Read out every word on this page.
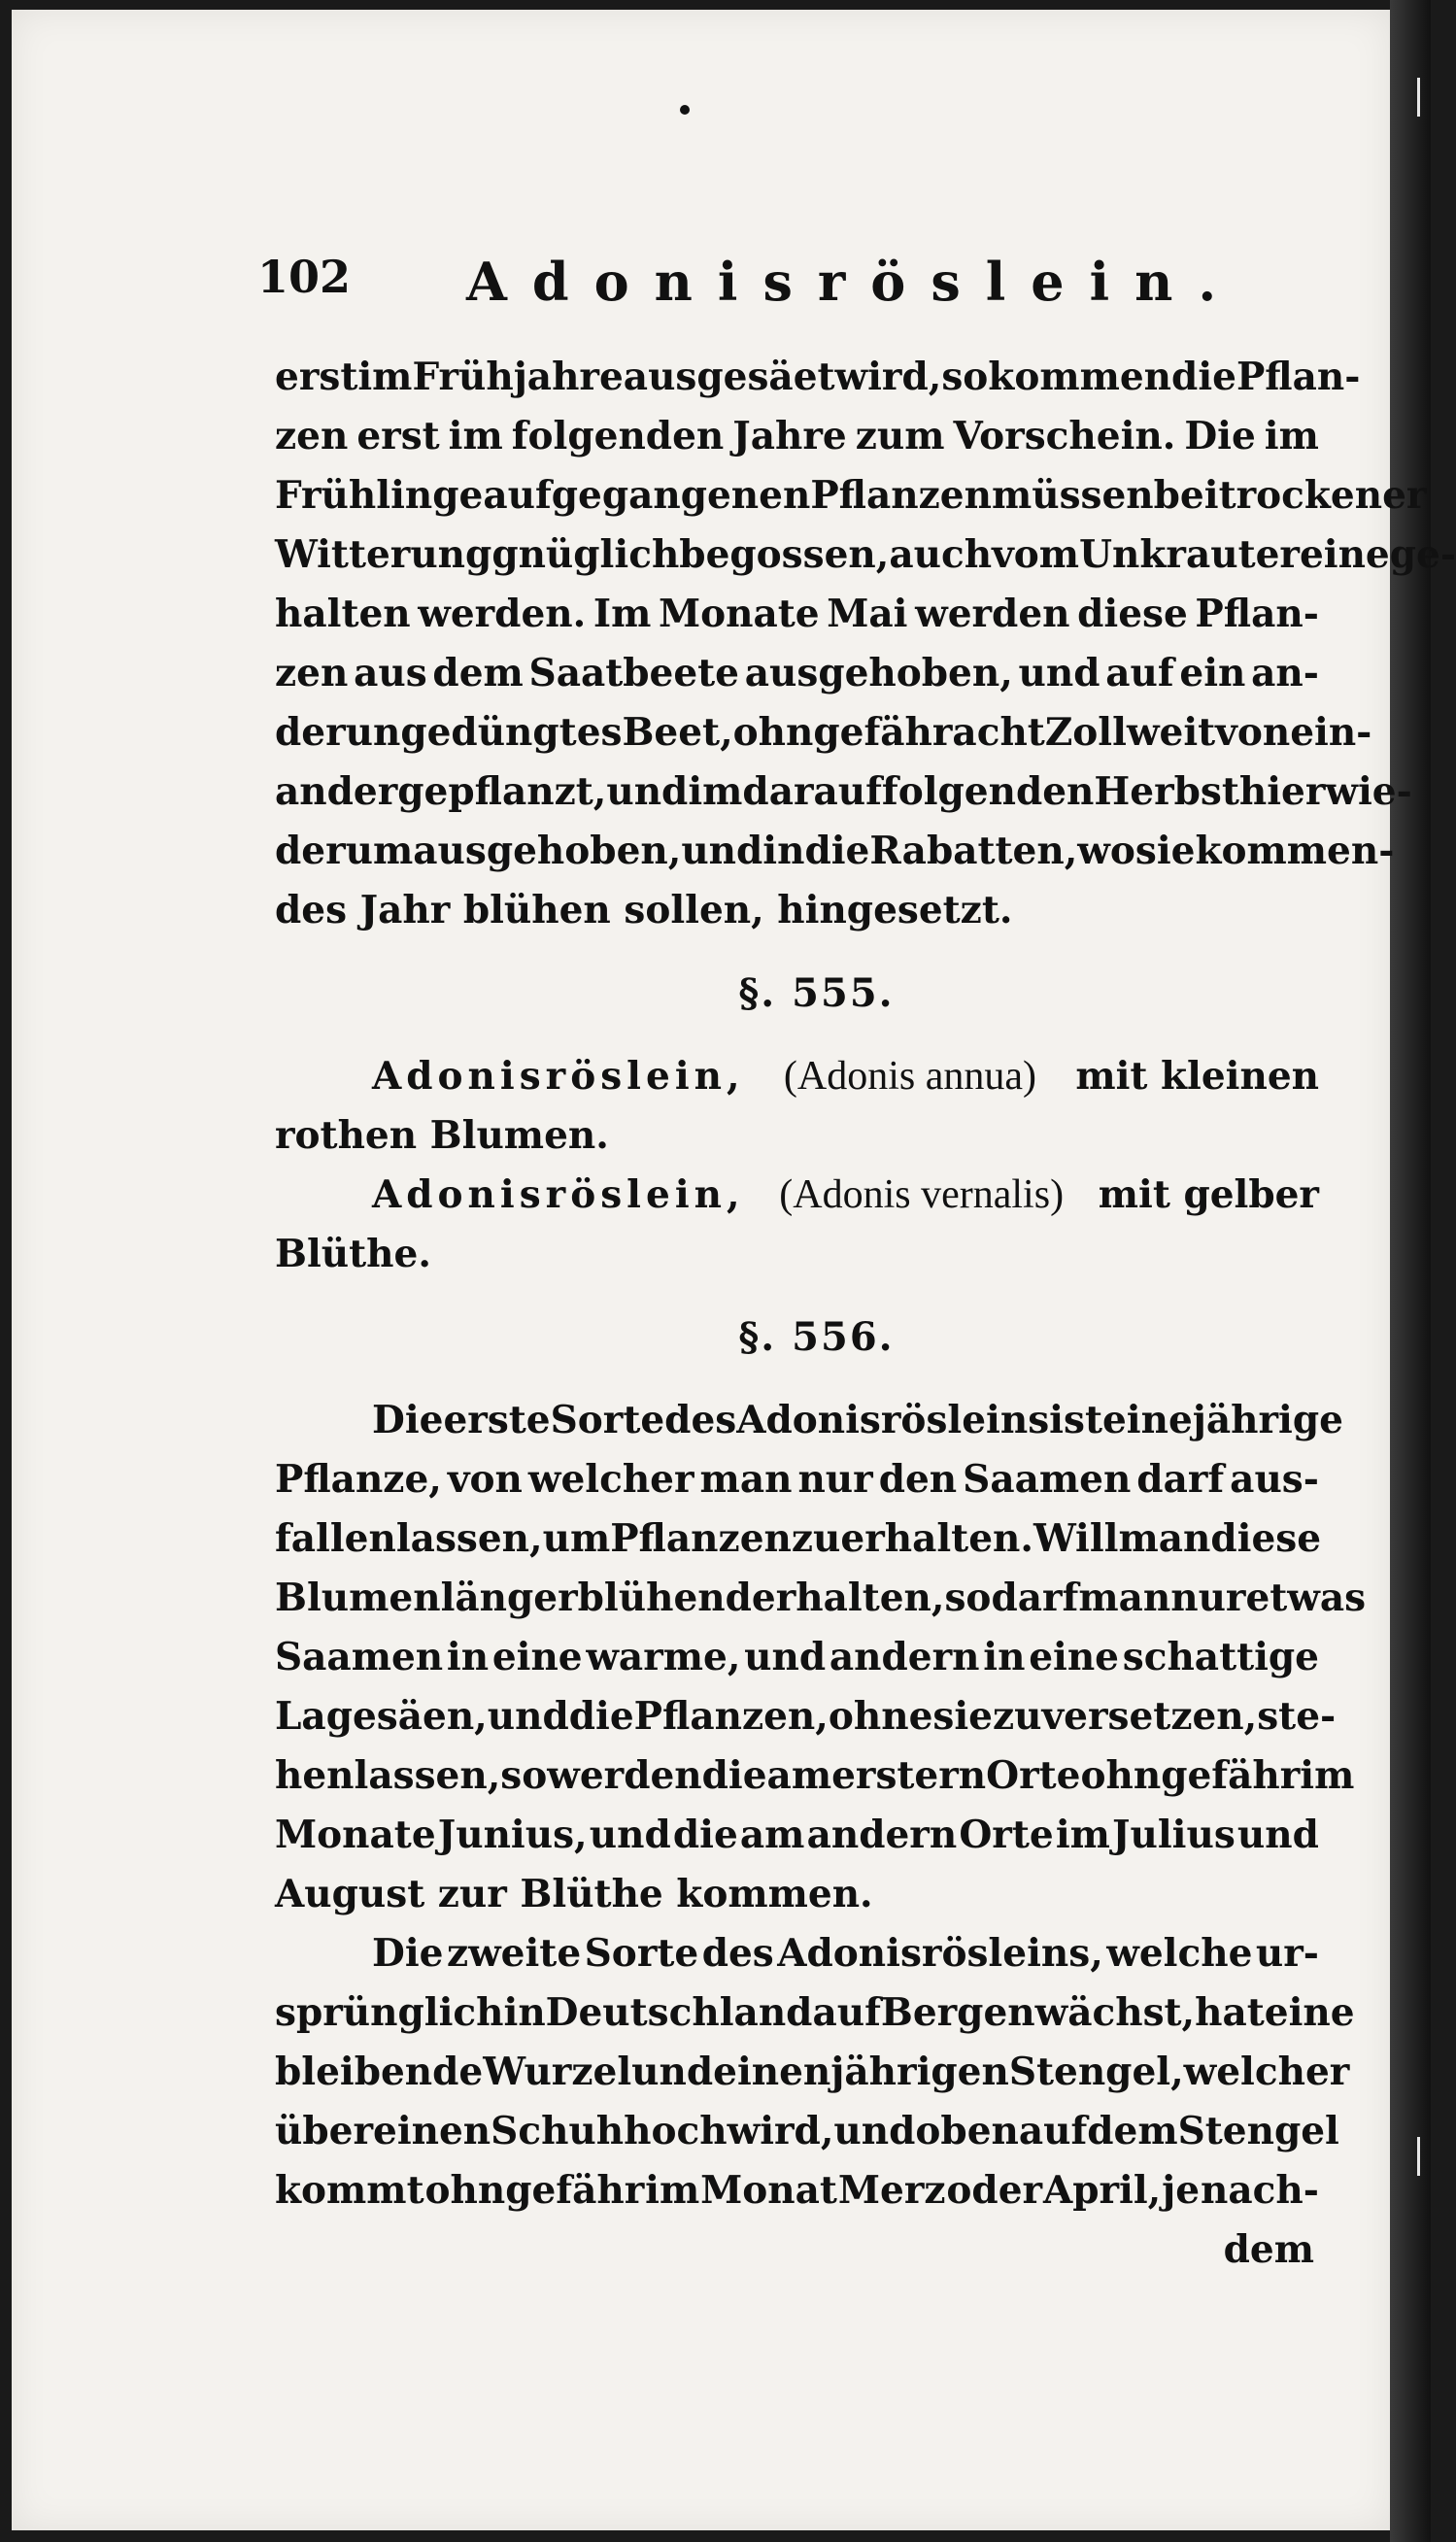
102 Adonisröslein.
erst im Frühjahre ausgesäet wird, so kommen die Pflan-
zen erst im folgenden Jahre zum Vorschein. Die im
Frühlinge aufgegangenen Pflanzen müssen bei trockener
Witterung gnüglich begossen, auch vom Unkraute reine ge-
halten werden. Im Monate Mai werden diese Pflan-
zen aus dem Saatbeete ausgehoben, und auf ein an-
der ungedüngtes Beet, ohngefähr acht Zoll weit von ein-
ander gepflanzt, und im darauf folgenden Herbst hier wie-
derum ausgehoben, und in die Rabatten, wo sie kommen-
des Jahr blühen sollen, hingesetzt.
§. 555.
Adonisröslein, (Adonis annua) mit kleinen
rothen Blumen.
Adonisröslein, (Adonis vernalis) mit gelber
Blüthe.
§. 556.
Die erste Sorte des Adonisrösleins ist eine jährige
Pflanze, von welcher man nur den Saamen darf aus-
fallen lassen, um Pflanzen zu erhalten. Will man diese
Blumen länger blühend erhalten, so darf man nur etwas
Saamen in eine warme, und andern in eine schattige
Lage säen, und die Pflanzen, ohne sie zu versetzen, ste-
hen lassen, so werden die am erstern Orte ohngefähr im
Monate Junius, und die am andern Orte im Julius und
August zur Blüthe kommen.
Die zweite Sorte des Adonisrösleins, welche ur-
sprünglich in Deutschland auf Bergen wächst, hat eine
bleibende Wurzel und einen jährigen Stengel, welcher
über einen Schuh hoch wird, und oben auf dem Stengel
kommt ohngefähr im Monat Merz oder April, je nach-
dem
